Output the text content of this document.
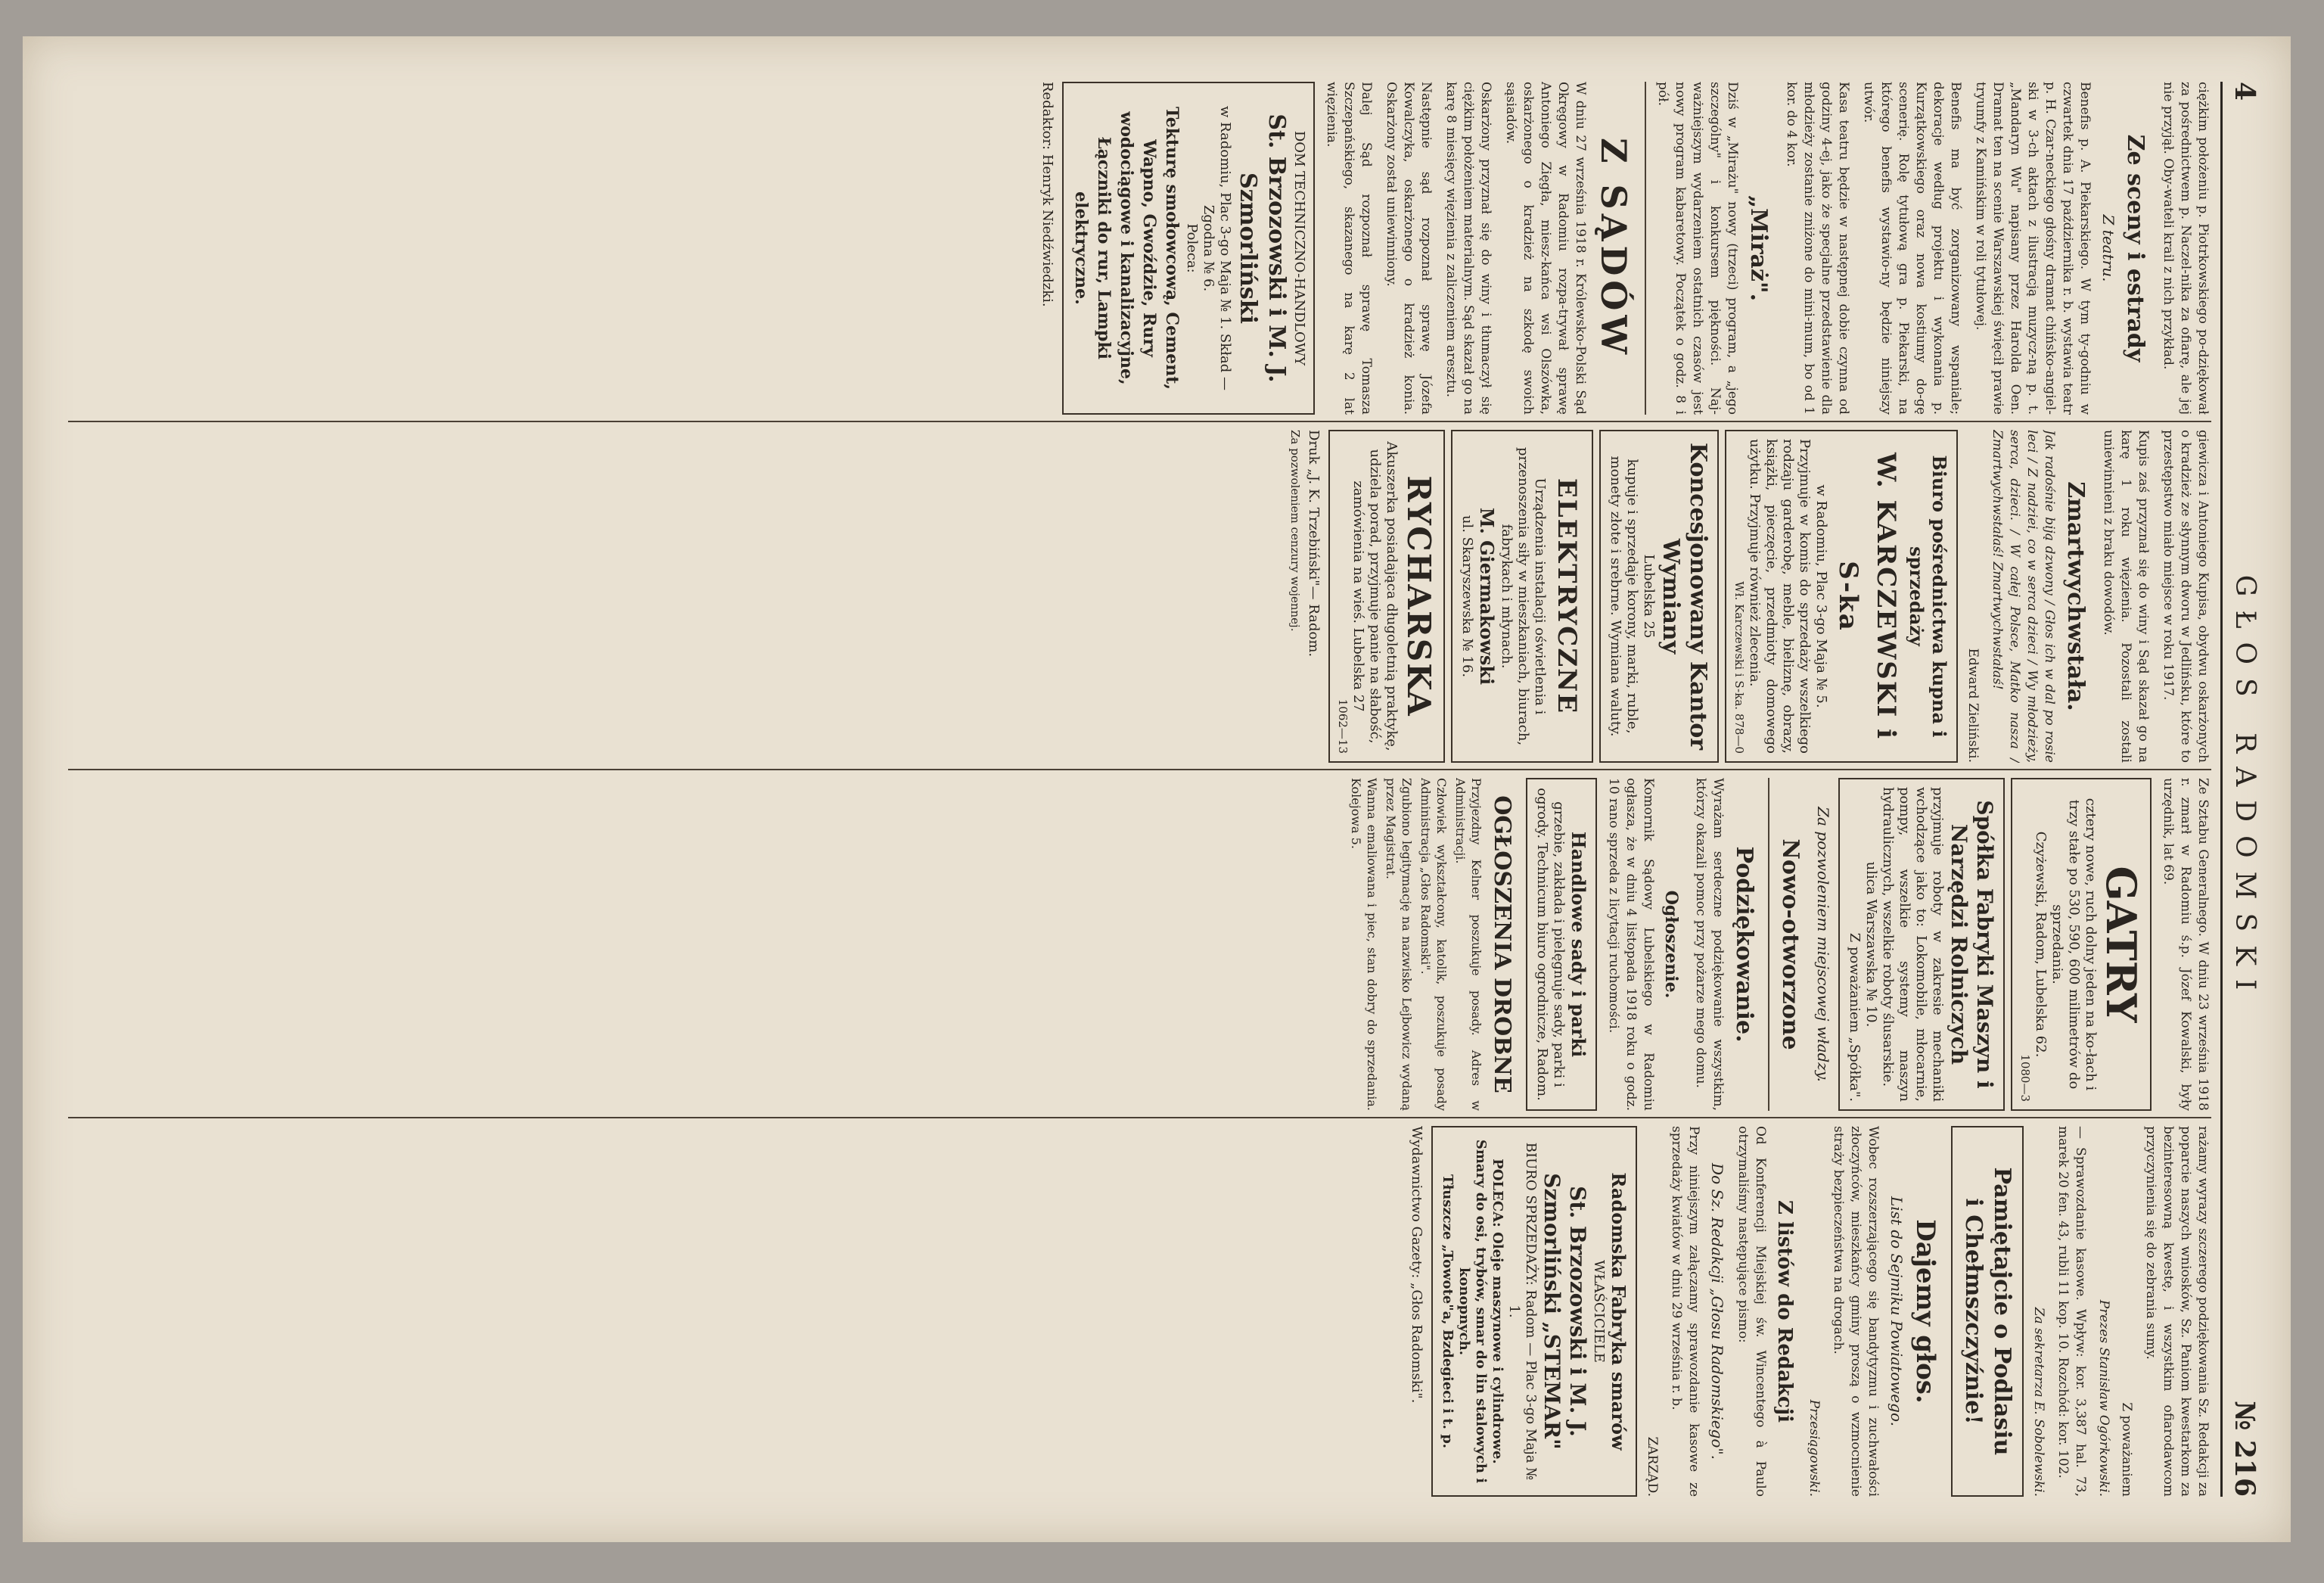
4
GŁOS RADOMSKI
№ 216

ciężkim położeniu p. Piotrkowskiego po-dziękował za pośrednictwem p. Naczel-nika za ofiarę, ale jej nie przyjął. Oby-wateli krail z nich przykład.

Ze sceny i estrady
Z teatru.

Benefis p. A. Piekarskiego. W tym ty-godniu w czwartek dnia 17 października r. b. wystawia teatr p. H. Czar-neckiego głośny dramat chińsko-angiel-ski w 3-ch aktach z ilustracją muzycz-ną p. t. „Mandaryn Wu" napisany przez Harolda Oen. Dramat ten na scenie Warszawskiej święcił prawie tryumfy z Kamińskim w roli tytułowej.

Benefis ma być zorganizowany wspaniale; dekoracje według projektu i wykonania p. Kurzątkowskiego oraz nowa kostiumy do-gę scenerię. Rolę tytułową gra p. Piekarski, na którego benefis wystawio-ny będzie niniejszy utwór.

Kasa teatru będzie w następnej dobie czynna od godziny 4-ej, jako że specjalne przedstawienie dla młodzieży zostanie zniżone do mini-mum, bo od 1 kor. do 4 kor.

„Miraż".

Dziś w „Mirażu" nowy (trzeci) program, a „jego szczególny" i konkursem piękności. Naj-ważniejszym wydarzeniem ostatnich czasów jest nowy program kabaretowy. Początek o godz. 8 i pół.

Z SĄDÓW

W dniu 27 września 1918 r. Królewsko-Polski Sąd Okręgowy w Radomiu rozpa-trywał sprawę Antoniego Zięgła, miesz-kańca wsi Olszówka, oskarżonego o kradzież na szkodę swoich sąsiadów.

Oskarżony przyznał się do winy i tłumaczył się ciężkim położeniem materialnym. Sąd skazał go na karę 8 miesięcy więzienia z zaliczeniem aresztu.

Następnie sąd rozpoznał sprawę Józefa Kowalczyka, oskarżonego o kradzież konia. Oskarżony został uniewinniony.

Dalej Sąd rozpoznał sprawę Tomasza Szczepańskiego, skazanego na karę 2 lat więzienia.

DOM TECHNICZNO-HANDLOWY
St. Brzozowski i M. J. Szmorliński
w Radomiu, Plac 3-go Maja № 1. Skład — Zgodna № 6.
Poleca:
Tekturę smołowcową, Cement, Wapno, Gwoździe, Rury wodociągowe i kanalizacyjne, Łączniki do rur, Lampki elektryczne.
Redaktor: Henryk Niedźwiedzki.

giewicza i Antoniego Kupisa, obydwu oskarżonych o kradzież ze słynnym dworu w Jedlińsku, które to przestępstwo miało miejsce w roku 1917.

Kupis zaś przyznał się do winy i Sąd skazał go na karę 1 roku więzienia. Pozostali zostali uniewinnieni z braku dowodów.

Zmartwychwstała.

Jak radośnie biją dzwony / Głos ich w dal po rosie leci / Z nadziei, co w serca dzieci / Wy młodzieży, serca, dzieci. / W całej Polsce, Matko nasza / Zmartwychwstałaś! Zmartwychwstałaś!

Edward Zieliński.
Biuro pośrednictwa kupna i sprzedaży
W. KARCZEWSKI i S-ka
w Radomiu, Plac 3-go Maja № 5.
Przyjmuje w komis do sprzedaży wszelkiego rodzaju garderobę, meble, bieliznę, obrazy, książki, pieczęcie, przedmioty domowego użytku. Przyjmuje również zlecenia.
Wł. Karczewski i S-ka. 878—0
Koncesjonowany Kantor Wymiany
Lubelska 25
kupuje i sprzedaje korony, marki, ruble, monety złote i srebrne. Wymiana waluty.
ELEKTRYCZNE
Urządzenia instalacji oświetlenia i przenoszenia siły w mieszkaniach, biurach, fabrykach i młynach.
M. Giermakowski
ul. Skaryszewska № 16.
RYCHARSKA
Akuszerka posiadająca długoletnią praktykę, udziela porad, przyjmuje panie na słabość, zamówienia na wieś. Lubelska 27
1062—13
Druk „J. K. Trzebiński"— Radom.
Za pozwoleniem cenzury wojennej.

Ze Sztabu Generalnego. W dniu 23 września 1918 r. zmarł w Radomiu ś.p. Józef Kowalski, były urzędnik, lat 69.

GATRY
cztery nowe, ruch dolny jeden na ko-łach i trzy stałe po 530, 590, 600 milimetrów do sprzedania.
Czyżewski, Radom, Lubelska 62.
1080—3
Spółka Fabryki Maszyn i Narzędzi Rolniczych
przyjmuje roboty w zakresie mechaniki wchodzące jako to: Lokomobile, młocarnie, pompy, wszelkie systemy maszyn hydraulicznych, wszelkie roboty ślusarskie.
ulica Warszawska № 10.
Z poważaniem „Spółka".
Za pozwoleniem miejscowej władzy.
Nowo-otworzone
Podziękowanie.

Wyrażam serdeczne podziękowanie wszystkim, którzy okazali pomoc przy pożarze mego domu.

Ogłoszenie.

Komornik Sądowy Lubelskiego w Radomiu ogłasza, że w dniu 4 listopada 1918 roku o godz. 10 rano sprzeda z licytacji ruchomości.

Handlowe sady i parki
grzebie, zakłada i pielęgnuje sady, parki i ogrody. Technicum biuro ogrodnicze, Radom.
OGŁOSZENIA DROBNE

Przyjezdny Kelner poszukuje posady. Adres w Administracji.

Człowiek wykształcony, katolik, poszukuje posady Administracja „Głos Radomski".

Zgubiono legitymację na nazwisko Lejbowicz wydaną przez Magistrat.

Wanna emaliowana i piec, stan dobry do sprzedania. Kolejowa 5.

rażamy wyrazy szczerego podziękowania Sz. Redakcji za poparcie naszych wniosków, Sz. Paniom kwestarkom za bezinteresowną kwestę, i wszystkim ofiarodawcom przyczynienia się do zebrania sumy.

Z poważaniem
Prezes Stanisław Ogórkowski.

— Sprawozdanie kasowe. Wpływ: kor. 3,387 hal. 73, marek 20 fen. 43, rubli 11 kop. 10. Rozchód: kor. 102.

Za sekretarza E. Sobolewski.
Pamiętajcie o Podlasiu
i Chełmszczyźnie!
Dajemy głos.
List do Sejmiku Powiatowego.

Wobec rozszerzającego się bandytyzmu i zuchwałości złoczyńców, mieszkańcy gminy proszą o wzmocnienie straży bezpieczeństwa na drogach.

Przesiągowski.
Z listów do Redakcji

Od Konferencji Miejskiej św. Wincentego à Paulo otrzymaliśmy następujące pismo:

Do Sz. Redakcji „Głosu Radomskiego".

Przy niniejszym załączamy sprawozdanie kasowe ze sprzedaży kwiatów w dniu 29 września r. b.

ZARZĄD.
Radomska Fabryka smarów
WŁAŚCICIELE
St. Brzozowski i M. J. Szmorliński „STEMAR"
BIURO SPRZEDAŻY: Radom — Plac 3-go Maja № 1.
POLECA: Oleje maszynowe i cylindrowe. Smary do osi, trybów, smar do lin stalowych i konopnych.
Tłuszcze „Towote"a, Bzdegieci i t. p.
Wydawnictwo Gazety: „Głos Radomski".
